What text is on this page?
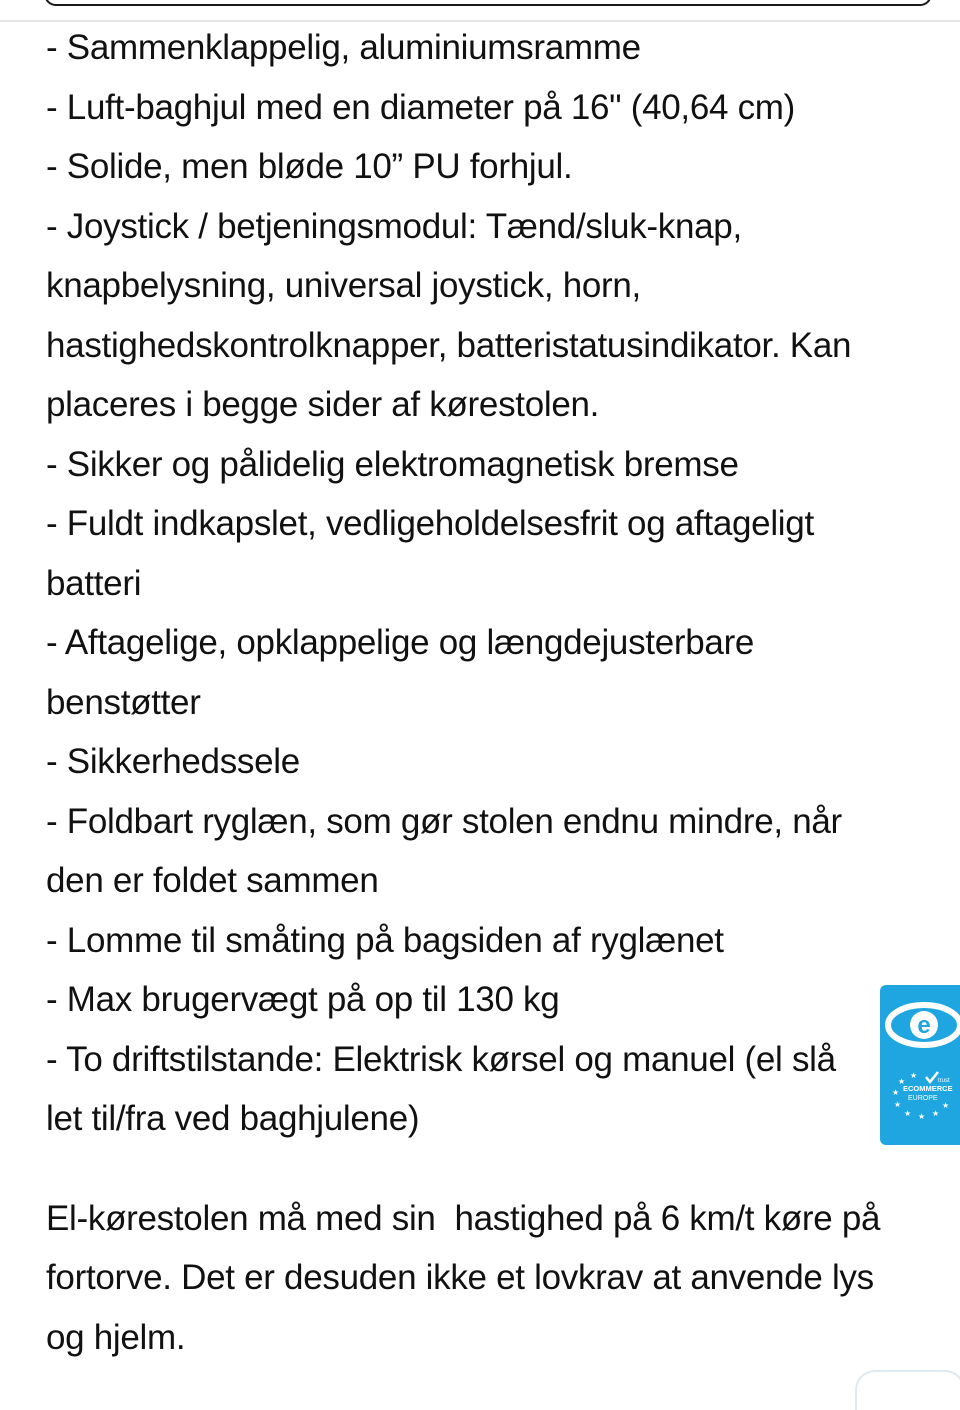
- Sammenklappelig, aluminiumsramme

- Luft-baghjul med en diameter på 16" (40,64 cm)

- Solide, men bløde 10” PU forhjul.

- Joystick / betjeningsmodul: Tænd/sluk-knap,

knapbelysning, universal joystick, horn,

hastighedskontrolknapper, batteristatusindikator. Kan

placeres i begge sider af kørestolen.

- Sikker og pålidelig elektromagnetisk bremse

- Fuldt indkapslet, vedligeholdelsesfrit og aftageligt

batteri

- Aftagelige, opklappelige og længdejusterbare

benstøtter

- Sikkerhedssele

- Foldbart ryglæn, som gør stolen endnu mindre, når

den er foldet sammen

- Lomme til småting på bagsiden af ryglænet

- Max brugervægt på op til 130 kg

- To driftstilstande: Elektrisk kørsel og manuel (el slå

let til/fra ved baghjulene)

El-kørestolen må med sin  hastighed på 6 km/t køre på

fortorve. Det er desuden ikke et lovkrav at anvende lys

og hjelm.

e
trust
ECOMMERCE
EUROPE
★
★
★
★
★ ★ ★
★
